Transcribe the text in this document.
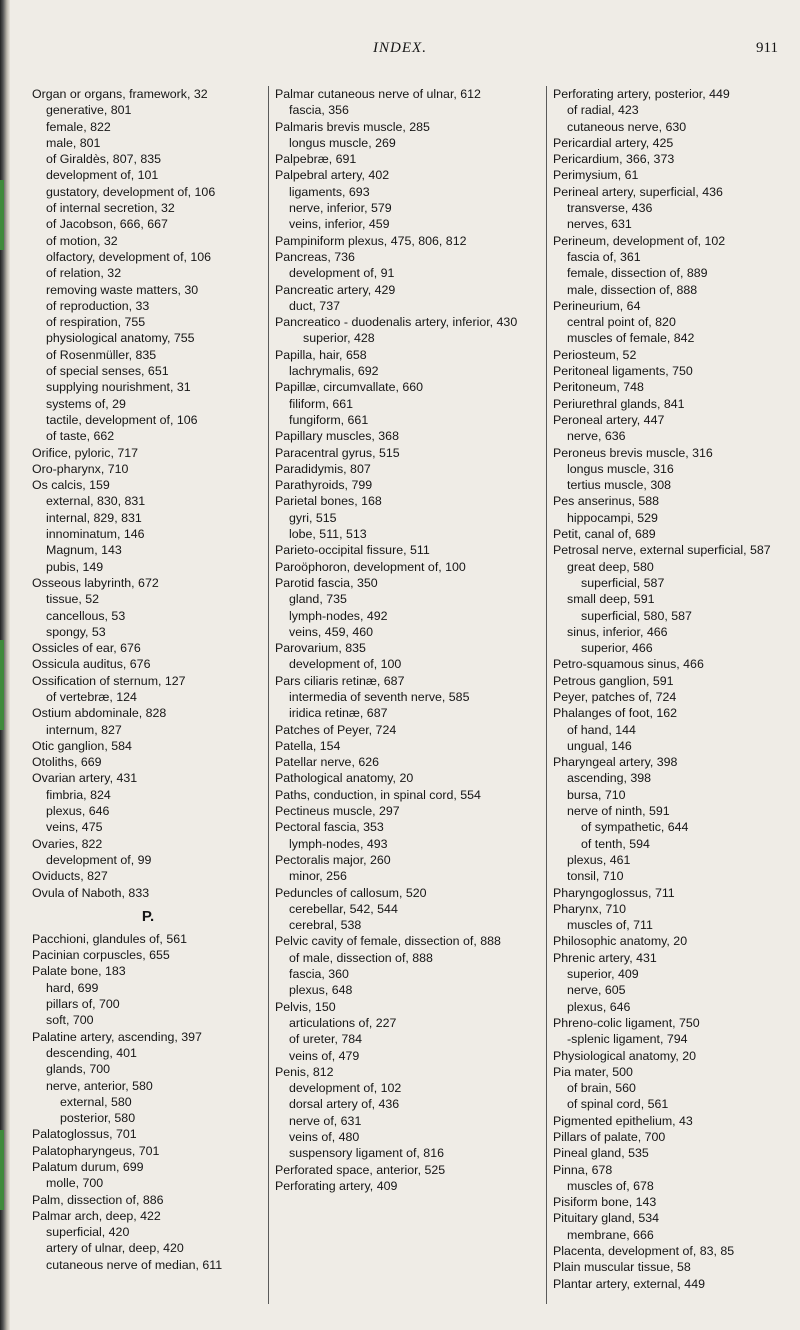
INDEX.	911
Organ or organs, framework, 32
generative, 801
female, 822
male, 801
of Giraldès, 807, 835
development of, 101
gustatory, development of, 106
of internal secretion, 32
of Jacobson, 666, 667
of motion, 32
olfactory, development of, 106
of relation, 32
removing waste matters, 30
of reproduction, 33
of respiration, 755
physiological anatomy, 755
of Rosenmüller, 835
of special senses, 651
supplying nourishment, 31
systems of, 29
tactile, development of, 106
of taste, 662
Orifice, pyloric, 717
Oro-pharynx, 710
Os calcis, 159
external, 830, 831
internal, 829, 831
innominatum, 146
Magnum, 143
pubis, 149
Osseous labyrinth, 672
tissue, 52
cancellous, 53
spongy, 53
Ossicles of ear, 676
Ossicula auditus, 676
Ossification of sternum, 127
of vertebræ, 124
Ostium abdominale, 828
internum, 827
Otic ganglion, 584
Otoliths, 669
Ovarian artery, 431
fimbria, 824
plexus, 646
veins, 475
Ovaries, 822
development of, 99
Oviducts, 827
Ovula of Naboth, 833
P.
Pacchioni, glandules of, 561
Pacinian corpuscles, 655
Palate bone, 183
hard, 699
pillars of, 700
soft, 700
Palatine artery, ascending, 397
descending, 401
glands, 700
nerve, anterior, 580
external, 580
posterior, 580
Palatoglossus, 701
Palatopharyngeus, 701
Palatum durum, 699
molle, 700
Palm, dissection of, 886
Palmar arch, deep, 422
superficial, 420
artery of ulnar, deep, 420
cutaneous nerve of median, 611
Palmar cutaneous nerve of ulnar, 612
fascia, 356
Palmaris brevis muscle, 285
longus muscle, 269
Palpebræ, 691
Palpebral artery, 402
ligaments, 693
nerve, inferior, 579
veins, inferior, 459
Pampiniform plexus, 475, 806, 812
Pancreas, 736
development of, 91
Pancreatic artery, 429
duct, 737
Pancreatico - duodenalis artery, inferior, 430
superior, 428
Papilla, hair, 658
lachrymalis, 692
Papillæ, circumvallate, 660
filiform, 661
fungiform, 661
Papillary muscles, 368
Paracentral gyrus, 515
Paradidymis, 807
Parathyroids, 799
Parietal bones, 168
gyri, 515
lobe, 511, 513
Parieto-occipital fissure, 511
Paroöphoron, development of, 100
Parotid fascia, 350
gland, 735
lymph-nodes, 492
veins, 459, 460
Parovarium, 835
development of, 100
Pars ciliaris retinæ, 687
intermedia of seventh nerve, 585
iridica retinæ, 687
Patches of Peyer, 724
Patella, 154
Patellar nerve, 626
Pathological anatomy, 20
Paths, conduction, in spinal cord, 554
Pectineus muscle, 297
Pectoral fascia, 353
lymph-nodes, 493
Pectoralis major, 260
minor, 256
Peduncles of callosum, 520
cerebellar, 542, 544
cerebral, 538
Pelvic cavity of female, dissection of, 888
of male, dissection of, 888
fascia, 360
plexus, 648
Pelvis, 150
articulations of, 227
of ureter, 784
veins of, 479
Penis, 812
development of, 102
dorsal artery of, 436
nerve of, 631
veins of, 480
suspensory ligament of, 816
Perforated space, anterior, 525
Perforating artery, 409
Perforating artery, posterior, 449
of radial, 423
cutaneous nerve, 630
Pericardial artery, 425
Pericardium, 366, 373
Perimysium, 61
Perineal artery, superficial, 436
transverse, 436
nerves, 631
Perineum, development of, 102
fascia of, 361
female, dissection of, 889
male, dissection of, 888
Perineurium, 64
central point of, 820
muscles of female, 842
Periosteum, 52
Peritoneal ligaments, 750
Peritoneum, 748
Periurethral glands, 841
Peroneal artery, 447
nerve, 636
Peroneus brevis muscle, 316
longus muscle, 316
tertius muscle, 308
Pes anserinus, 588
hippocampi, 529
Petit, canal of, 689
Petrosal nerve, external superficial, 587
great deep, 580
superficial, 587
small deep, 591
superficial, 580, 587
sinus, inferior, 466
superior, 466
Petro-squamous sinus, 466
Petrous ganglion, 591
Peyer, patches of, 724
Phalanges of foot, 162
of hand, 144
ungual, 146
Pharyngeal artery, 398
ascending, 398
bursa, 710
nerve of ninth, 591
of sympathetic, 644
of tenth, 594
plexus, 461
tonsil, 710
Pharyngoglossus, 711
Pharynx, 710
muscles of, 711
Philosophic anatomy, 20
Phrenic artery, 431
superior, 409
nerve, 605
plexus, 646
Phreno-colic ligament, 750
-splenic ligament, 794
Physiological anatomy, 20
Pia mater, 500
of brain, 560
of spinal cord, 561
Pigmented epithelium, 43
Pillars of palate, 700
Pineal gland, 535
Pinna, 678
muscles of, 678
Pisiform bone, 143
Pituitary gland, 534
membrane, 666
Placenta, development of, 83, 85
Plain muscular tissue, 58
Plantar artery, external, 449
